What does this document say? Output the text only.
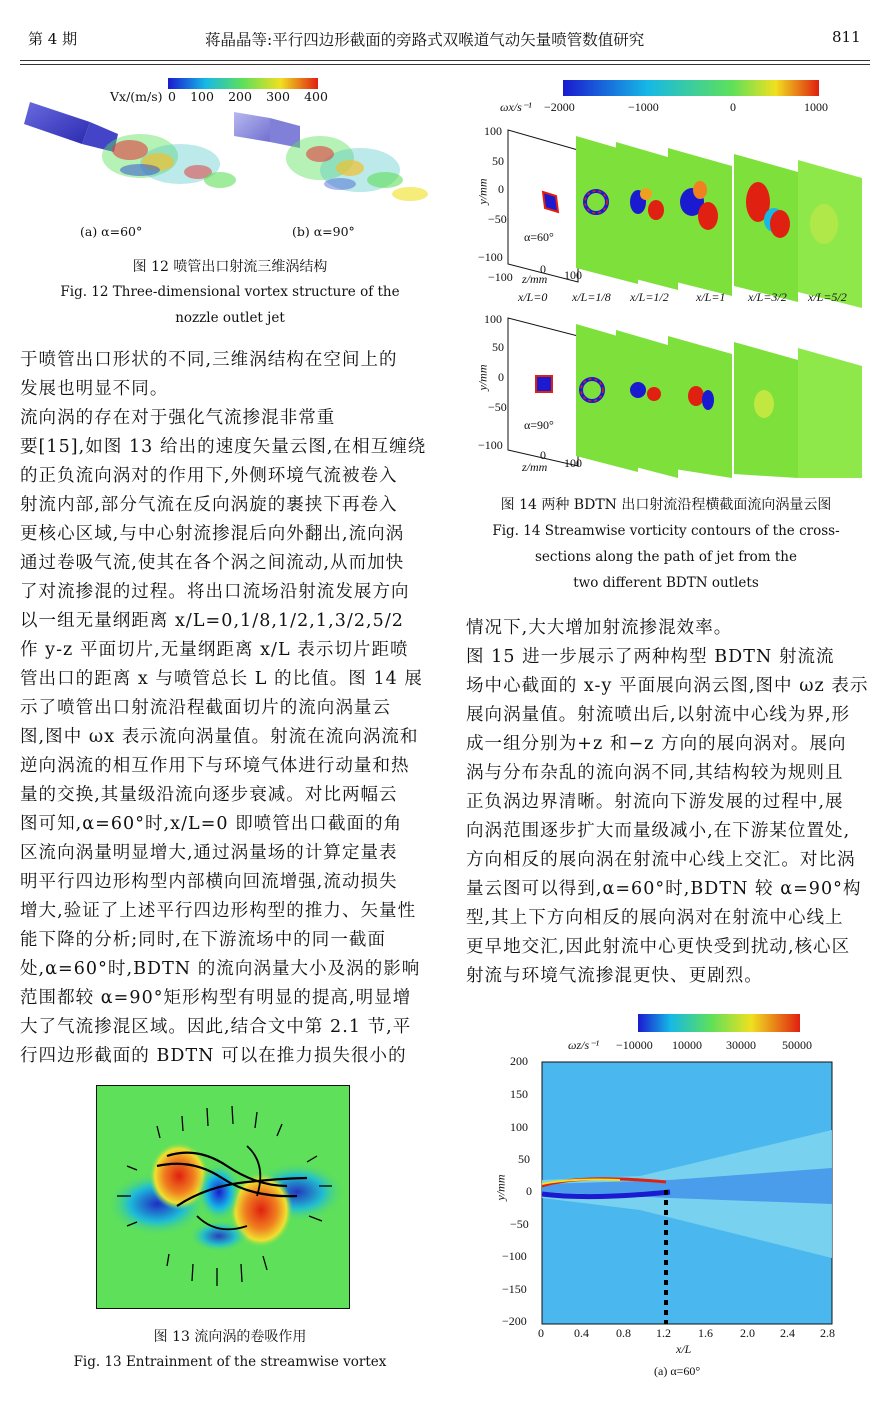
第 4 期	蒋晶晶等:平行四边形截面的旁路式双喉道气动矢量喷管数值研究	811
Vx/(m/s) 0 100 200 300 400
(a) α=60°	(b) α=90°
图 12 喷管出口射流三维涡结构
Fig. 12 Three-dimensional vortex structure of the
nozzle outlet jet
于喷管出口形状的不同,三维涡结构在空间上的
发展也明显不同。
流向涡的存在对于强化气流掺混非常重
要[15],如图 13 给出的速度矢量云图,在相互缠绕
的正负流向涡对的作用下,外侧环境气流被卷入
射流内部,部分气流在反向涡旋的裹挟下再卷入
更核心区域,与中心射流掺混后向外翻出,流向涡
通过卷吸气流,使其在各个涡之间流动,从而加快
了对流掺混的过程。将出口流场沿射流发展方向
以一组无量纲距离 x/L=0,1/8,1/2,1,3/2,5/2
作 y-z 平面切片,无量纲距离 x/L 表示切片距喷
管出口的距离 x 与喷管总长 L 的比值。图 14 展
示了喷管出口射流沿程截面切片的流向涡量云
图,图中 ωx 表示流向涡量值。射流在流向涡流和
逆向涡流的相互作用下与环境气体进行动量和热
量的交换,其量级沿流向逐步衰减。对比两幅云
图可知,α=60°时,x/L=0 即喷管出口截面的角
区流向涡量明显增大,通过涡量场的计算定量表
明平行四边形构型内部横向回流增强,流动损失
增大,验证了上述平行四边形构型的推力、矢量性
能下降的分析;同时,在下游流场中的同一截面
处,α=60°时,BDTN 的流向涡量大小及涡的影响
范围都较 α=90°矩形构型有明显的提高,明显增
大了气流掺混区域。因此,结合文中第 2.1 节,平
行四边形截面的 BDTN 可以在推力损失很小的
图 13 流向涡的卷吸作用
Fig. 13 Entrainment of the streamwise vortex
ωx/s⁻¹ −2000	−1000	0	1000
y/mm
100
50
0
−50
−100
α=60°
0
z/mm 100
−100
x/L=0 x/L=1/8 x/L=1/2 x/L=1 x/L=3/2 x/L=5/2
y/mm
100
50
0
−50
−100
α=90°
0
z/mm 100
图 14 两种 BDTN 出口射流沿程横截面流向涡量云图
Fig. 14 Streamwise vorticity contours of the cross-
sections along the path of jet from the
two different BDTN outlets
情况下,大大增加射流掺混效率。
图 15 进一步展示了两种构型 BDTN 射流流
场中心截面的 x-y 平面展向涡云图,图中 ωz 表示
展向涡量值。射流喷出后,以射流中心线为界,形
成一组分别为+z 和−z 方向的展向涡对。展向
涡与分布杂乱的流向涡不同,其结构较为规则且
正负涡边界清晰。射流向下游发展的过程中,展
向涡范围逐步扩大而量级减小,在下游某位置处,
方向相反的展向涡在射流中心线上交汇。对比涡
量云图可以得到,α=60°时,BDTN 较 α=90°构
型,其上下方向相反的展向涡对在射流中心线上
更早地交汇,因此射流中心更快受到扰动,核心区
射流与环境气流掺混更快、更剧烈。
ωz/s⁻¹ −10000 10000 30000 50000
y/mm
200
150
100
50
0
−50
−100
−150
−200
0	0.4 0.8 1.2 1.6 2.0 2.4 2.8
x/L
(a) α=60°
